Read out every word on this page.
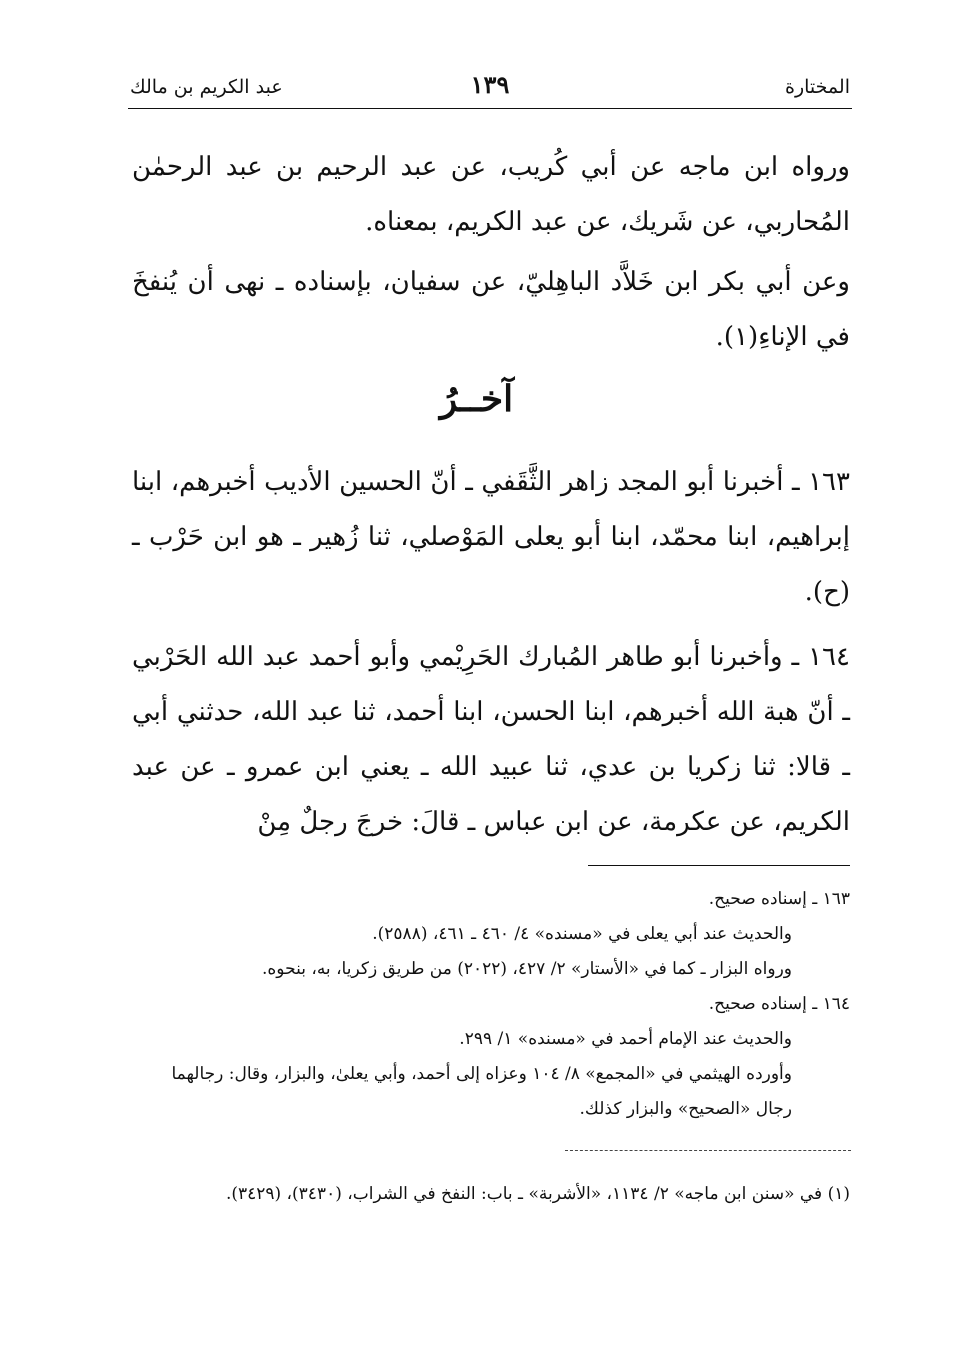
المختارة
١٣٩
عبد الكريم بن مالك
ورواه ابن ماجه عن أبي كُريب، عن عبد الرحيم بن عبد الرحمٰن المُحاربي، عن شَريك، عن عبد الكريم، بمعناه.
وعن أبي بكر ابن خَلاَّد الباهِليّ، عن سفيان، بإسناده ـ نهى أن يُنفخَ في الإناءِ(١).
آخــرُ
١٦٣ ـ أخبرنا أبو المجد زاهر الثَّقَفي ـ أنّ الحسين الأديب أخبرهم، ابنا إبراهيم، ابنا محمّد، ابنا أبو يعلى المَوْصلي، ثنا زُهير ـ هو ابن حَرْب ـ (ح).
١٦٤ ـ وأخبرنا أبو طاهر المُبارك الحَرِيْمي وأبو أحمد عبد الله الحَرْبي ـ أنّ هبة الله أخبرهم، ابنا الحسن، ابنا أحمد، ثنا عبد الله، حدثني أبي ـ قالا: ثنا زكريا بن عدي، ثنا عبيد الله ـ يعني ابن عمرو ـ عن عبد الكريم، عن عكرمة، عن ابن عباس ـ قالَ: خرجَ رجلٌ مِنْ
١٦٣ ـ إسناده صحيح.
والحديث عند أبي يعلى في «مسنده» ٤/ ٤٦٠ ـ ٤٦١، (٢٥٨٨).
ورواه البزار ـ كما في «الأستار» ٢/ ٤٢٧، (٢٠٢٢) من طريق زكريا، به، بنحوه.
١٦٤ ـ إسناده صحيح.
والحديث عند الإمام أحمد في «مسنده» ١/ ٢٩٩.
وأورده الهيثمي في «المجمع» ٨/ ١٠٤ وعزاه إلى أحمد، وأبي يعلىٰ، والبزار، وقال: رجالهما رجال «الصحيح» والبزار كذلك.
(١) في «سنن ابن ماجه» ٢/ ١١٣٤، «الأشربة» ـ باب: النفخ في الشراب، (٣٤٣٠)، (٣٤٢٩).
